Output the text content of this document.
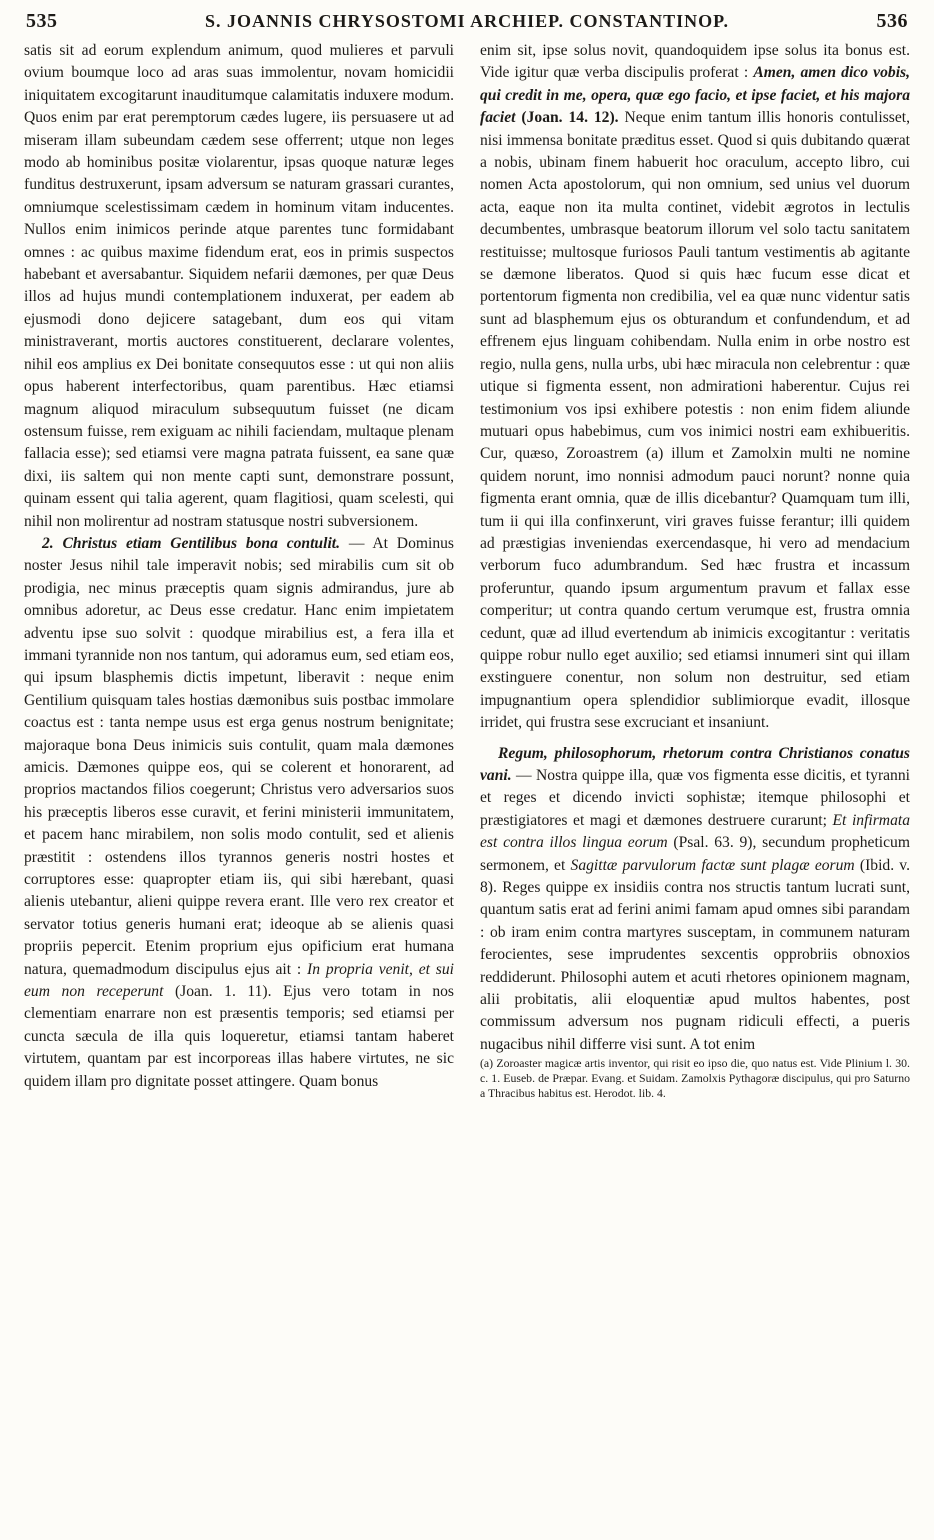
535	S. JOANNIS CHRYSOSTOMI ARCHIEP. CONSTANTINOP.	536

satis sit ad eorum explendum animum, quod mulieres et parvuli ovium boumque loco ad aras suas immolentur, novam homicidii iniquitatem excogitarunt inauditumque calamitatis induxere modum. Quos enim par erat peremptorum cædes lugere, iis persuasere ut ad miseram illam subeundam cædem sese offerrent; utque non leges modo ab hominibus positæ violarentur, ipsas quoque naturæ leges funditus destruxerunt, ipsam adversum se naturam grassari curantes, omniumque scelestissimam cædem in hominum vitam inducentes. Nullos enim inimicos perinde atque parentes tunc formidabant omnes : ac quibus maxime fidendum erat, eos in primis suspectos habebant et aversabantur. Siquidem nefarii dæmones, per quæ Deus illos ad hujus mundi contemplationem induxerat, per eadem ab ejusmodi dono dejicere satagebant, dum eos qui vitam ministraverant, mortis auctores constituerent, declarare volentes, nihil eos amplius ex Dei bonitate consequutos esse : ut qui non aliis opus haberent interfectoribus, quam parentibus. Hæc etiamsi magnum aliquod miraculum subsequutum fuisset (ne dicam ostensum fuisse, rem exiguam ac nihili faciendam, multaque plenam fallacia esse); sed etiamsi vere magna patrata fuissent, ea sane quæ dixi, iis saltem qui non mente capti sunt, demonstrare possunt, quinam essent qui talia agerent, quam flagitiosi, quam scelesti, qui nihil non molirentur ad nostram statusque nostri subversionem.

2. Christus etiam Gentilibus bona contulit. — At Dominus noster Jesus nihil tale imperavit nobis; sed mirabilis cum sit ob prodigia, nec minus præceptis quam signis admirandus, jure ab omnibus adoretur, ac Deus esse credatur. Hanc enim impietatem adventu ipse suo solvit : quodque mirabilius est, a fera illa et immani tyrannide non nos tantum, qui adoramus eum, sed etiam eos, qui ipsum blasphemis dictis impetunt, liberavit : neque enim Gentilium quisquam tales hostias dæmonibus suis postbac immolare coactus est : tanta nempe usus est erga genus nostrum benignitate; majoraque bona Deus inimicis suis contulit, quam mala dæmones amicis. Dæmones quippe eos, qui se colerent et honorarent, ad proprios mactandos filios coegerunt; Christus vero adversarios suos his præceptis liberos esse curavit, et ferini ministerii immunitatem, et pacem hanc mirabilem, non solis modo contulit, sed et alienis præstitit : ostendens illos tyrannos generis nostri hostes et corruptores esse: quapropter etiam iis, qui sibi hærebant, quasi alienis utebantur, alieni quippe revera erant. Ille vero rex creator et servator totius generis humani erat; ideoque ab se alienis quasi propriis pepercit. Etenim proprium ejus opificium erat humana natura, quemadmodum discipulus ejus ait : In propria venit, et sui eum non receperunt (Joan. 1. 11). Ejus vero totam in nos clementiam enarrare non est præsentis temporis; sed etiamsi per cuncta sæcula de illa quis loqueretur, etiamsi tantam haberet virtutem, quantam par est incorporeas illas habere virtutes, ne sic quidem illam pro dignitate posset attingere. Quam bonus

enim sit, ipse solus novit, quandoquidem ipse solus ita bonus est. Vide igitur quæ verba discipulis proferat : Amen, amen dico vobis, qui credit in me, opera, quæ ego facio, et ipse faciet, et his majora faciet (Joan. 14. 12). Neque enim tantum illis honoris contulisset, nisi immensa bonitate præditus esset. Quod si quis dubitando quærat a nobis, ubinam finem habuerit hoc oraculum, accepto libro, cui nomen Acta apostolorum, qui non omnium, sed unius vel duorum acta, eaque non ita multa continet, videbit ægrotos in lectulis decumbentes, umbrasque beatorum illorum vel solo tactu sanitatem restituisse; multosque furiosos Pauli tantum vestimentis ab agitante se dæmone liberatos. Quod si quis hæc fucum esse dicat et portentorum figmenta non credibilia, vel ea quæ nunc videntur satis sunt ad blasphemum ejus os obturandum et confundendum, et ad effrenem ejus linguam cohibendam. Nulla enim in orbe nostro est regio, nulla gens, nulla urbs, ubi hæc miracula non celebrentur : quæ utique si figmenta essent, non admirationi haberentur. Cujus rei testimonium vos ipsi exhibere potestis : non enim fidem aliunde mutuari opus habebimus, cum vos inimici nostri eam exhibueritis. Cur, quæso, Zoroastrem (a) illum et Zamolxin multi ne nomine quidem norunt, imo nonnisi admodum pauci norunt? nonne quia figmenta erant omnia, quæ de illis dicebantur? Quamquam tum illi, tum ii qui illa confinxerunt, viri graves fuisse ferantur; illi quidem ad præstigias inveniendas exercendasque, hi vero ad mendacium verborum fuco adumbrandum. Sed hæc frustra et incassum proferuntur, quando ipsum argumentum pravum et fallax esse comperitur; ut contra quando certum verumque est, frustra omnia cedunt, quæ ad illud evertendum ab inimicis excogitantur : veritatis quippe robur nullo eget auxilio; sed etiamsi innumeri sint qui illam exstinguere conentur, non solum non destruitur, sed etiam impugnantium opera splendidior sublimiorque evadit, illosque irridet, qui frustra sese excruciant et insaniunt.

Regum, philosophorum, rhetorum contra Christianos conatus vani. — Nostra quippe illa, quæ vos figmenta esse dicitis, et tyranni et reges et dicendo invicti sophistæ; itemque philosophi et præstigiatores et magi et dæmones destruere curarunt; Et infirmata est contra illos lingua eorum (Psal. 63. 9), secundum propheticum sermonem, et Sagittæ parvulorum factæ sunt plagæ eorum (Ibid. v. 8). Reges quippe ex insidiis contra nos structis tantum lucrati sunt, quantum satis erat ad ferini animi famam apud omnes sibi parandam : ob iram enim contra martyres susceptam, in communem naturam ferocientes, sese imprudentes sexcentis opprobriis obnoxios reddiderunt. Philosophi autem et acuti rhetores opinionem magnam, alii probitatis, alii eloquentiæ apud multos habentes, post commissum adversum nos pugnam ridiculi effecti, a pueris nugacibus nihil differre visi sunt. A tot enim

(a) Zoroaster magicæ artis inventor, qui risit eo ipso die, quo natus est. Vide Plinium l. 30. c. 1. Euseb. de Præpar. Evang. et Suidam. Zamolxis Pythagoræ discipulus, qui pro Saturno a Thracibus habitus est. Herodot. lib. 4.
